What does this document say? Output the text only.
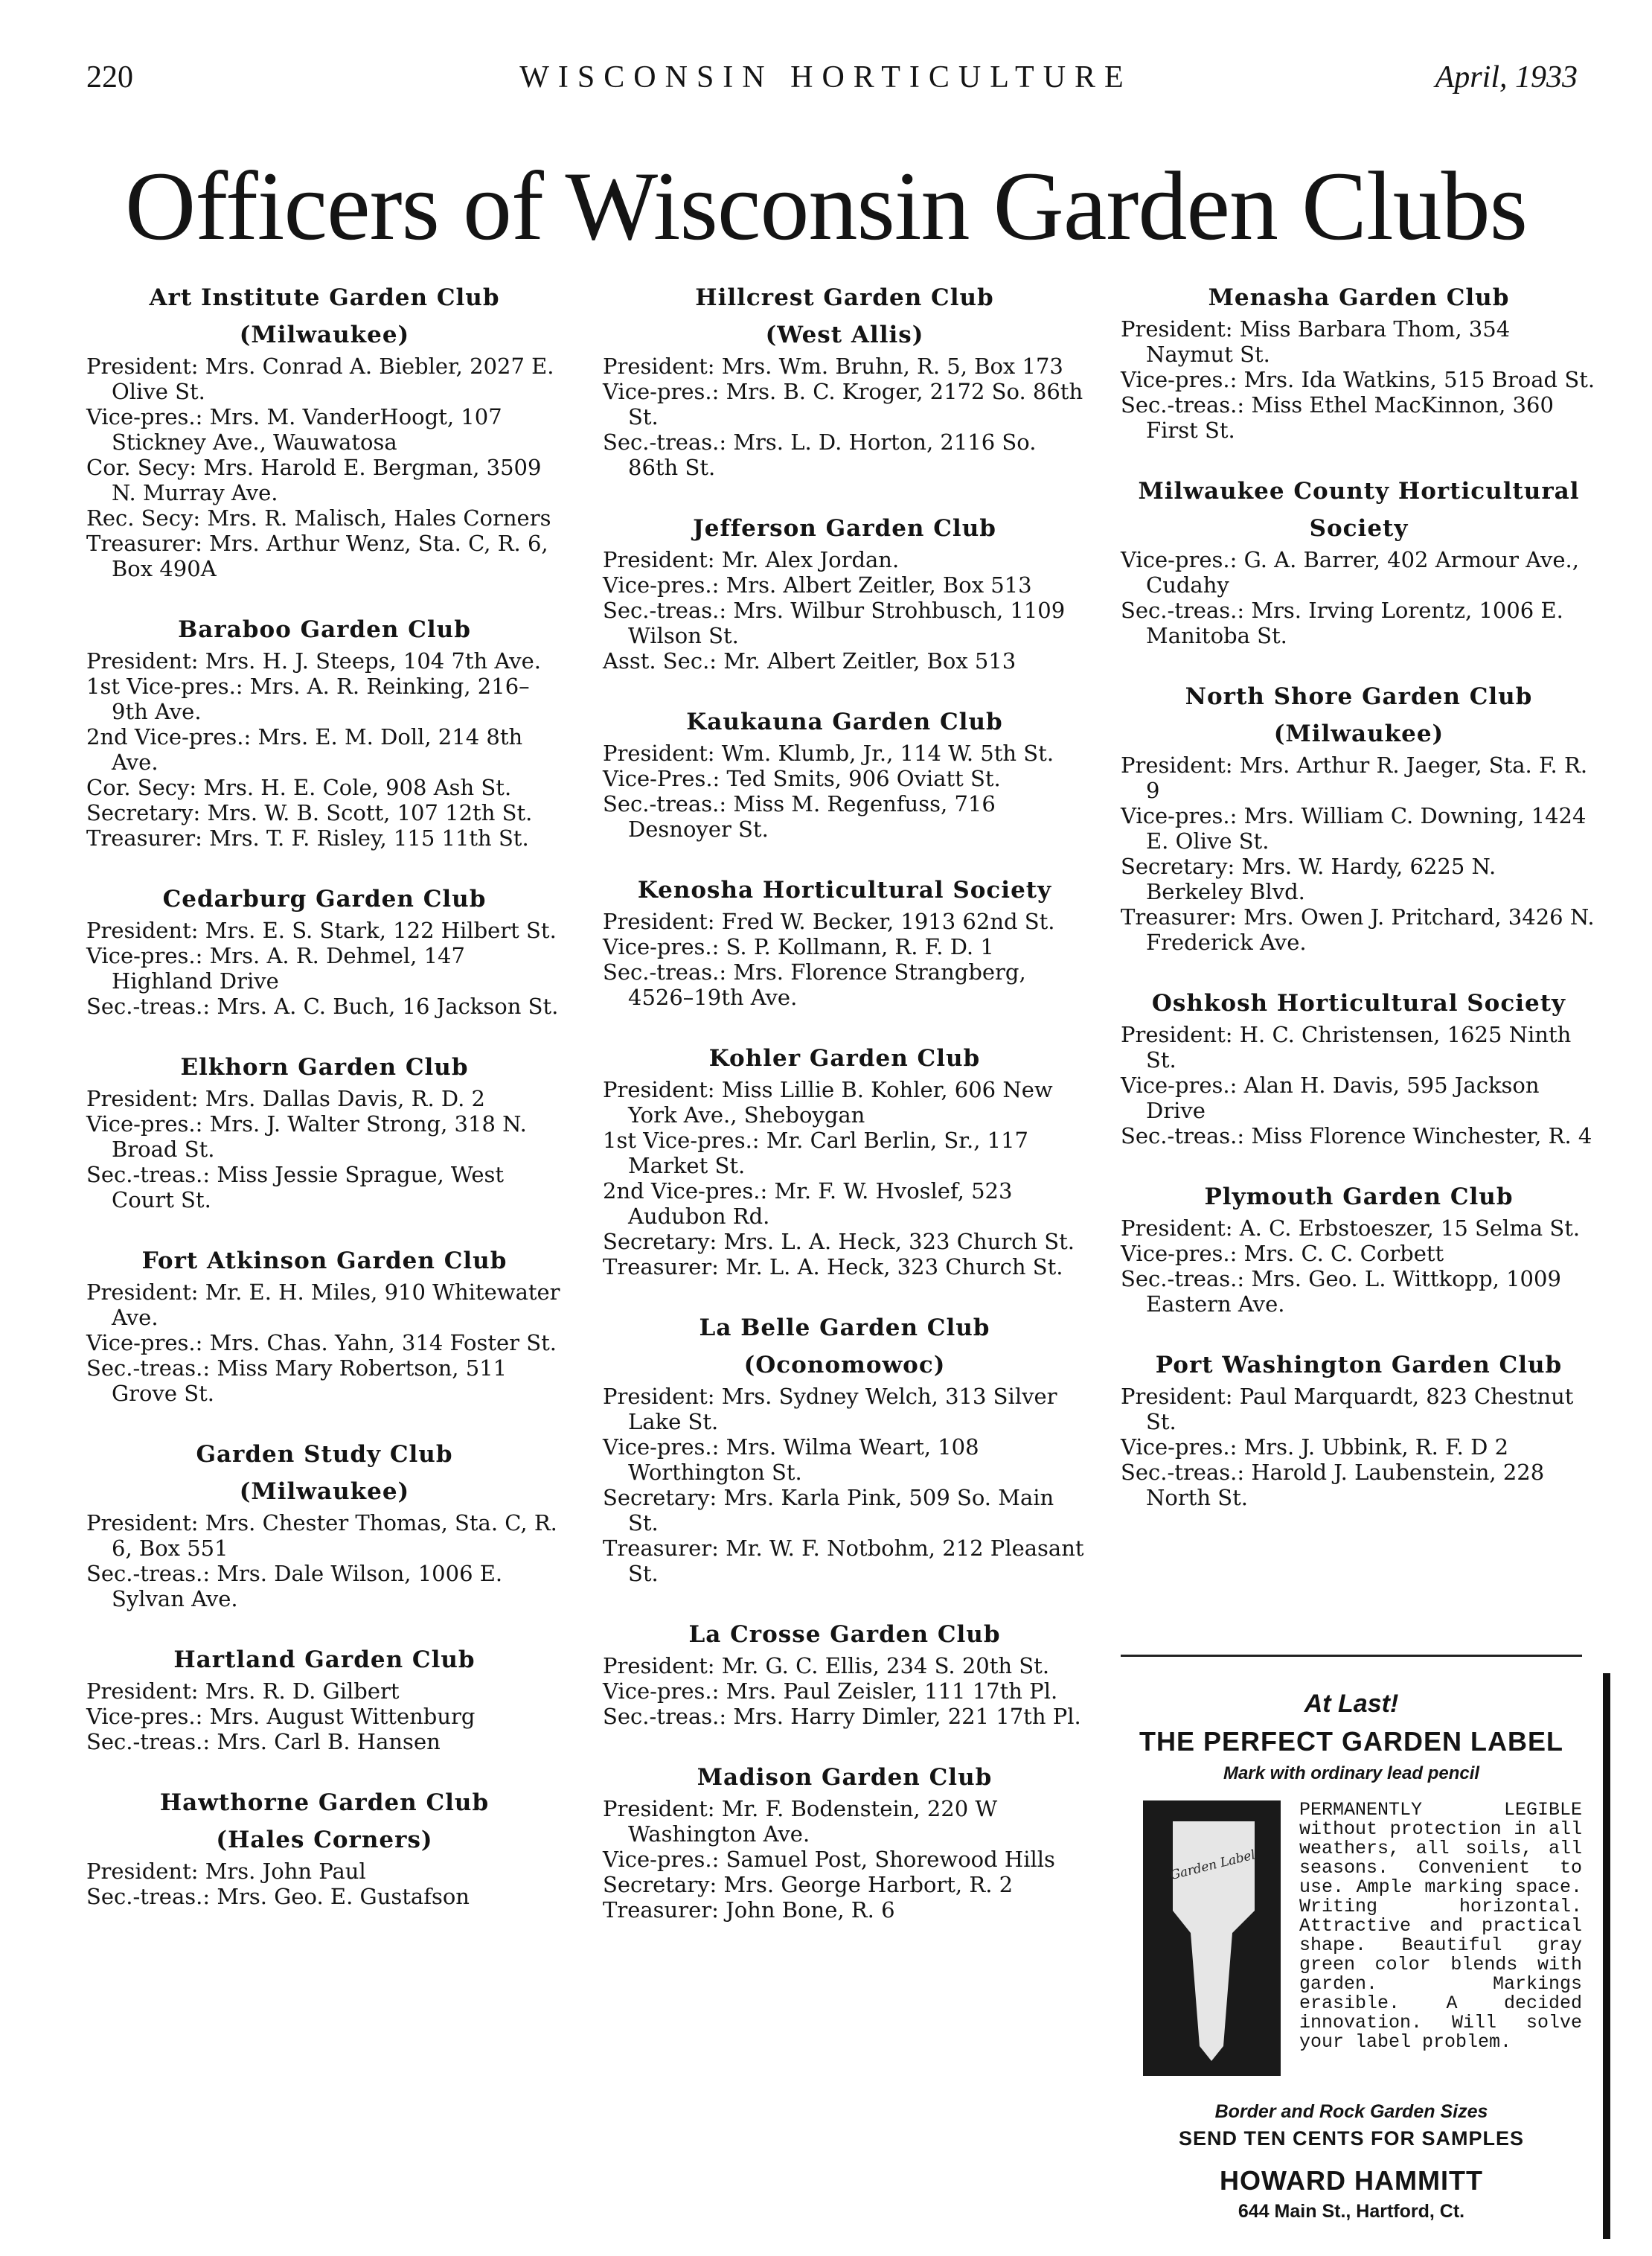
220	WISCONSIN HORTICULTURE	April, 1933
Officers of Wisconsin Garden Clubs
Art Institute Garden Club
(Milwaukee)
President: Mrs. Conrad A. Biebler, 2027 E. Olive St.
Vice-pres.: Mrs. M. VanderHoogt, 107 Stickney Ave., Wauwatosa
Cor. Secy: Mrs. Harold E. Bergman, 3509 N. Murray Ave.
Rec. Secy: Mrs. R. Malisch, Hales Corners
Treasurer: Mrs. Arthur Wenz, Sta. C, R. 6, Box 490A
Baraboo Garden Club
President: Mrs. H. J. Steeps, 104 7th Ave.
1st Vice-pres.: Mrs. A. R. Reinking, 216–9th Ave.
2nd Vice-pres.: Mrs. E. M. Doll, 214 8th Ave.
Cor. Secy: Mrs. H. E. Cole, 908 Ash St.
Secretary: Mrs. W. B. Scott, 107 12th St.
Treasurer: Mrs. T. F. Risley, 115 11th St.
Cedarburg Garden Club
President: Mrs. E. S. Stark, 122 Hilbert St.
Vice-pres.: Mrs. A. R. Dehmel, 147 Highland Drive
Sec.-treas.: Mrs. A. C. Buch, 16 Jackson St.
Elkhorn Garden Club
President: Mrs. Dallas Davis, R. D. 2
Vice-pres.: Mrs. J. Walter Strong, 318 N. Broad St.
Sec.-treas.: Miss Jessie Sprague, West Court St.
Fort Atkinson Garden Club
President: Mr. E. H. Miles, 910 Whitewater Ave.
Vice-pres.: Mrs. Chas. Yahn, 314 Foster St.
Sec.-treas.: Miss Mary Robertson, 511 Grove St.
Garden Study Club
(Milwaukee)
President: Mrs. Chester Thomas, Sta. C, R. 6, Box 551
Sec.-treas.: Mrs. Dale Wilson, 1006 E. Sylvan Ave.
Hartland Garden Club
President: Mrs. R. D. Gilbert
Vice-pres.: Mrs. August Wittenburg
Sec.-treas.: Mrs. Carl B. Hansen
Hawthorne Garden Club
(Hales Corners)
President: Mrs. John Paul
Sec.-treas.: Mrs. Geo. E. Gustafson
Hillcrest Garden Club
(West Allis)
President: Mrs. Wm. Bruhn, R. 5, Box 173
Vice-pres.: Mrs. B. C. Kroger, 2172 So. 86th St.
Sec.-treas.: Mrs. L. D. Horton, 2116 So. 86th St.
Jefferson Garden Club
President: Mr. Alex Jordan.
Vice-pres.: Mrs. Albert Zeitler, Box 513
Sec.-treas.: Mrs. Wilbur Strohbusch, 1109 Wilson St.
Asst. Sec.: Mr. Albert Zeitler, Box 513
Kaukauna Garden Club
President: Wm. Klumb, Jr., 114 W. 5th St.
Vice-Pres.: Ted Smits, 906 Oviatt St.
Sec.-treas.: Miss M. Regenfuss, 716 Desnoyer St.
Kenosha Horticultural Society
President: Fred W. Becker, 1913 62nd St.
Vice-pres.: S. P. Kollmann, R. F. D. 1
Sec.-treas.: Mrs. Florence Strangberg, 4526–19th Ave.
Kohler Garden Club
President: Miss Lillie B. Kohler, 606 New York Ave., Sheboygan
1st Vice-pres.: Mr. Carl Berlin, Sr., 117 Market St.
2nd Vice-pres.: Mr. F. W. Hvoslef, 523 Audubon Rd.
Secretary: Mrs. L. A. Heck, 323 Church St.
Treasurer: Mr. L. A. Heck, 323 Church St.
La Belle Garden Club (Oconomowoc)
President: Mrs. Sydney Welch, 313 Silver Lake St.
Vice-pres.: Mrs. Wilma Weart, 108 Worthington St.
Secretary: Mrs. Karla Pink, 509 So. Main St.
Treasurer: Mr. W. F. Notbohm, 212 Pleasant St.
La Crosse Garden Club
President: Mr. G. C. Ellis, 234 S. 20th St.
Vice-pres.: Mrs. Paul Zeisler, 111 17th Pl.
Sec.-treas.: Mrs. Harry Dimler, 221 17th Pl.
Madison Garden Club
President: Mr. F. Bodenstein, 220 W Washington Ave.
Vice-pres.: Samuel Post, Shorewood Hills
Secretary: Mrs. George Harbort, R. 2
Treasurer: John Bone, R. 6
Menasha Garden Club
President: Miss Barbara Thom, 354 Naymut St.
Vice-pres.: Mrs. Ida Watkins, 515 Broad St.
Sec.-treas.: Miss Ethel MacKinnon, 360 First St.
Milwaukee County Horticultural
Society
Vice-pres.: G. A. Barrer, 402 Armour Ave., Cudahy
Sec.-treas.: Mrs. Irving Lorentz, 1006 E. Manitoba St.
North Shore Garden Club
(Milwaukee)
President: Mrs. Arthur R. Jaeger, Sta. F. R. 9
Vice-pres.: Mrs. William C. Downing, 1424 E. Olive St.
Secretary: Mrs. W. Hardy, 6225 N. Berkeley Blvd.
Treasurer: Mrs. Owen J. Pritchard, 3426 N. Frederick Ave.
Oshkosh Horticultural Society
President: H. C. Christensen, 1625 Ninth St.
Vice-pres.: Alan H. Davis, 595 Jackson Drive
Sec.-treas.: Miss Florence Winchester, R. 4
Plymouth Garden Club
President: A. C. Erbstoeszer, 15 Selma St.
Vice-pres.: Mrs. C. C. Corbett
Sec.-treas.: Mrs. Geo. L. Wittkopp, 1009 Eastern Ave.
Port Washington Garden Club
President: Paul Marquardt, 823 Chestnut St.
Vice-pres.: Mrs. J. Ubbink, R. F. D 2
Sec.-treas.: Harold J. Laubenstein, 228 North St.
At Last!
THE PERFECT GARDEN LABEL
Mark with ordinary lead pencil
Garden Label
PERMANENTLY LEGIBLE without protection in all weathers, all soils, all seasons. Convenient to use. Ample marking space. Writing horizontal. Attractive and practical shape. Beautiful gray green color blends with garden. Markings erasible. A decided innovation. Will solve your label problem.
Border and Rock Garden Sizes
SEND TEN CENTS FOR SAMPLES
HOWARD HAMMITT
644 Main St., Hartford, Ct.
